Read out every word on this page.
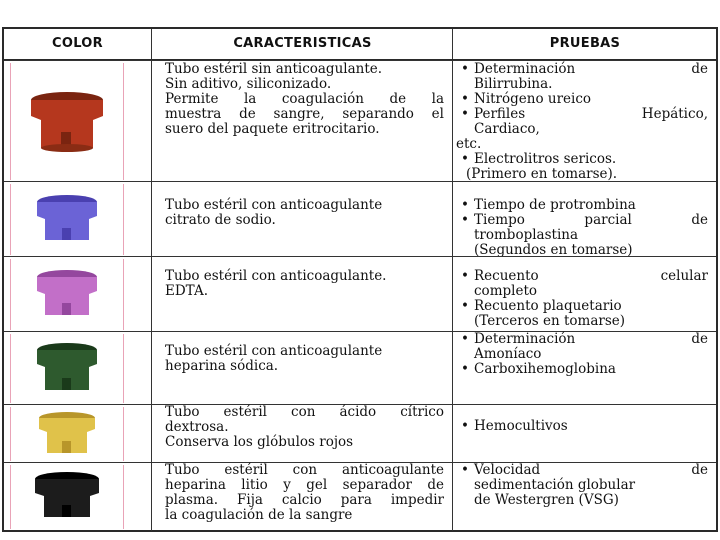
COLOR	CARACTERISTICAS	PRUEBAS
Tubo estéril sin anticoagulante.
Sin aditivo, siliconizado.
Permite la coagulación de la
muestra de sangre, separando el
suero del paquete eritrocitario.
• Determinación de
Bilirrubina.
• Nitrógeno ureico
• Perfiles Hepático,
Cardiaco,
etc.
• Electrolitros sericos.
(Primero en tomarse).
Tubo estéril con anticoagulante
citrato de sodio.
• Tiempo de protrombina
• Tiempo parcial de
tromboplastina
(Segundos en tomarse)
Tubo estéril con anticoagulante.
EDTA.
• Recuento celular
completo
• Recuento plaquetario
(Terceros en tomarse)
Tubo estéril con anticoagulante
heparina sódica.
• Determinación de
Amoníaco
• Carboxihemoglobina
Tubo estéril con ácido cítrico
dextrosa.
Conserva los glóbulos rojos
• Hemocultivos
Tubo estéril con anticoagulante
heparina litio y gel separador de
plasma. Fija calcio para impedir
la coagulación de la sangre
• Velocidad de
sedimentación globular
de Westergren (VSG)
